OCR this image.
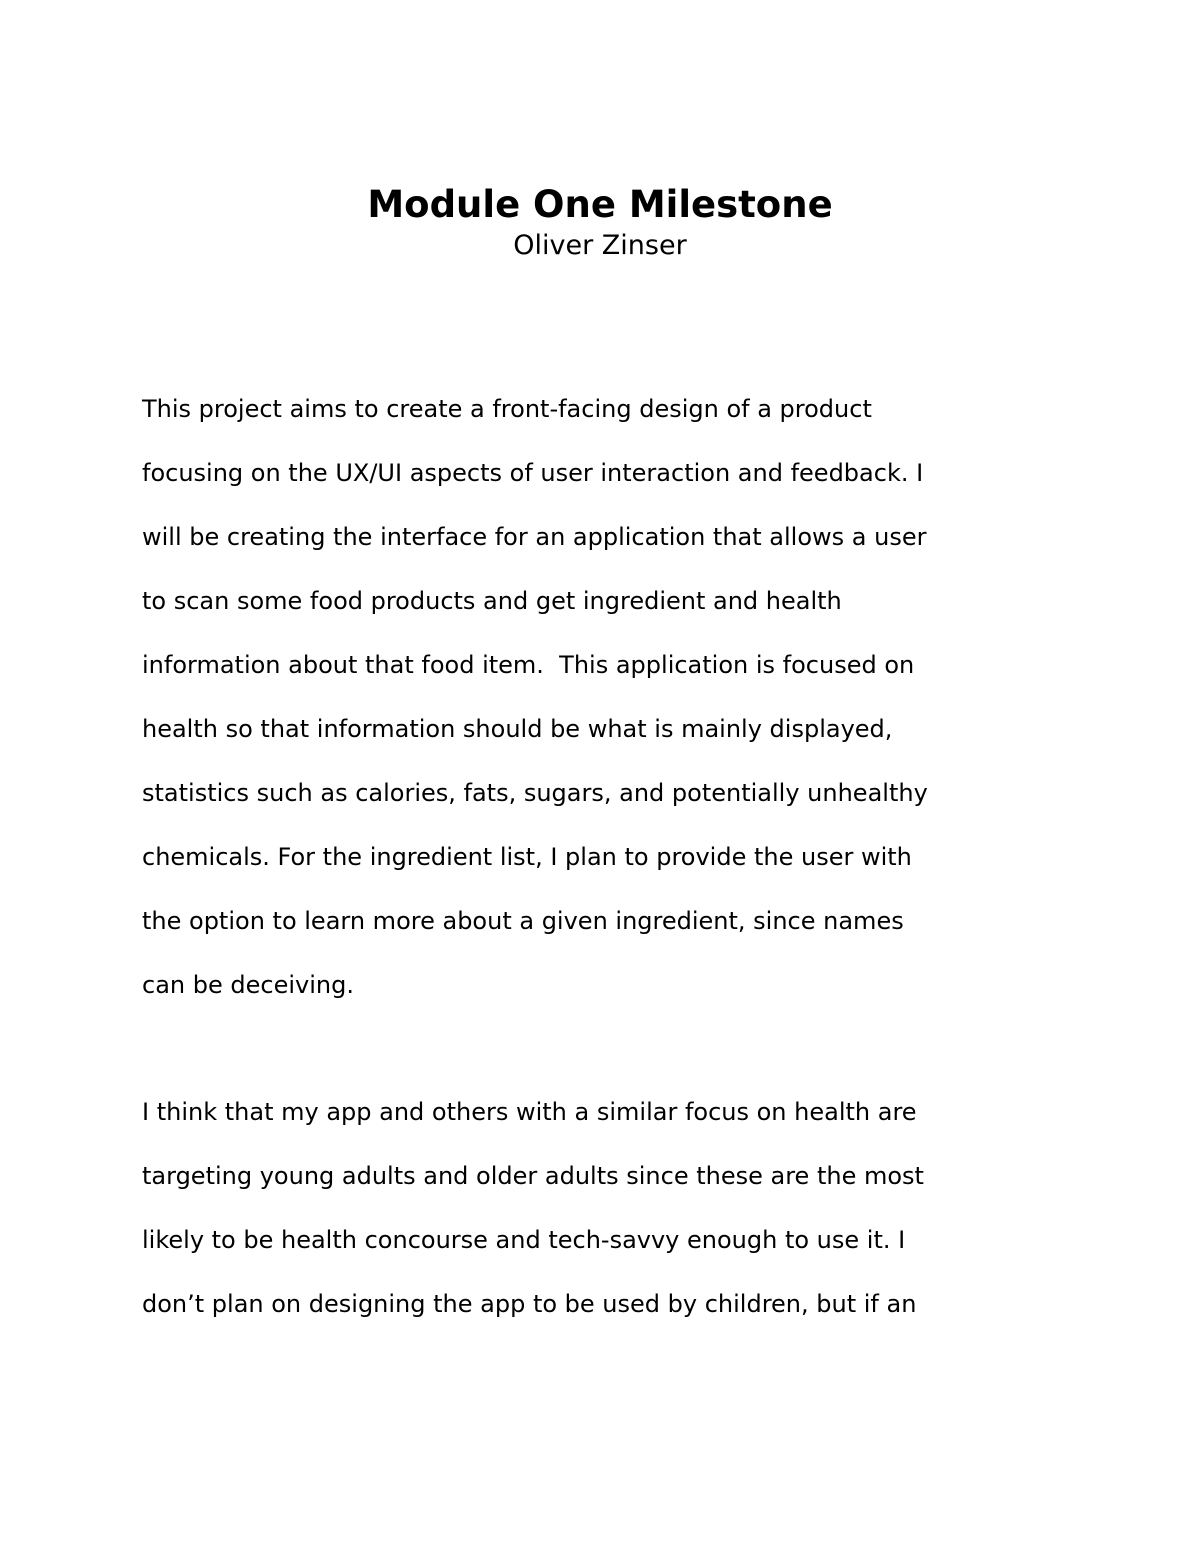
Module One Milestone
Oliver Zinser
This project aims to create a front-facing design of a product
focusing on the UX/UI aspects of user interaction and feedback. I
will be creating the interface for an application that allows a user
to scan some food products and get ingredient and health
information about that food item.  This application is focused on
health so that information should be what is mainly displayed,
statistics such as calories, fats, sugars, and potentially unhealthy
chemicals. For the ingredient list, I plan to provide the user with
the option to learn more about a given ingredient, since names
can be deceiving.
I think that my app and others with a similar focus on health are
targeting young adults and older adults since these are the most
likely to be health concourse and tech-savvy enough to use it. I
don’t plan on designing the app to be used by children, but if an
